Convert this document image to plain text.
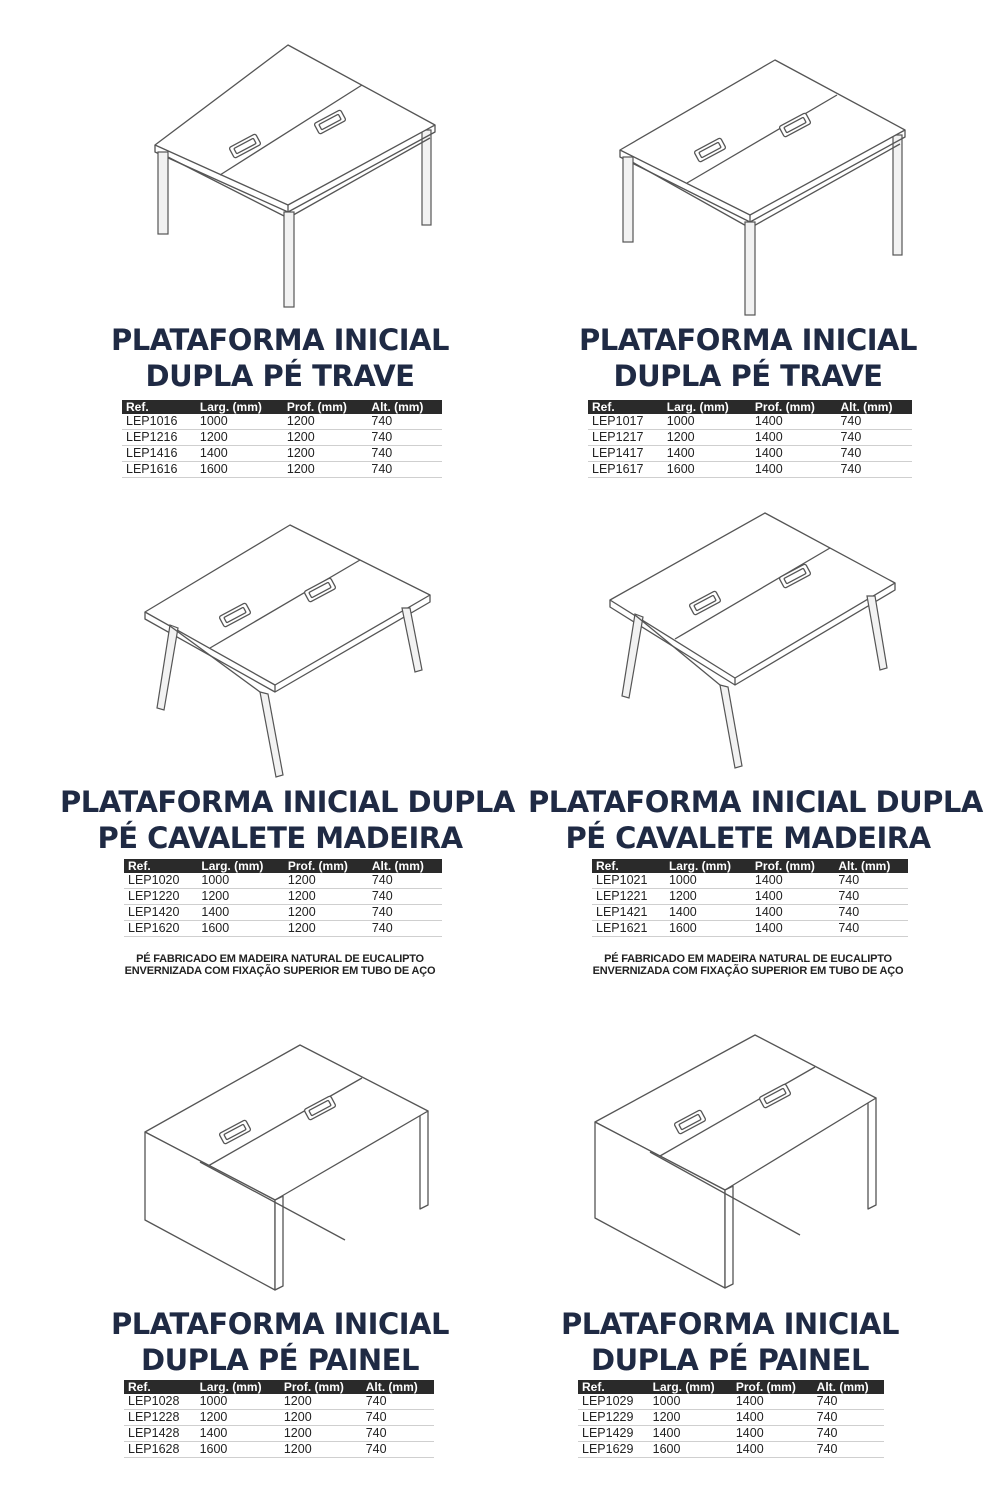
PLATAFORMA INICIAL
DUPLA PÉ TRAVE
Ref.	Larg. (mm)	Prof. (mm)	Alt. (mm)
LEP1016	1000	1200	740
LEP1216	1200	1200	740
LEP1416	1400	1200	740
LEP1616	1600	1200	740
PLATAFORMA INICIAL
DUPLA PÉ TRAVE
Ref.	Larg. (mm)	Prof. (mm)	Alt. (mm)
LEP1017	1000	1400	740
LEP1217	1200	1400	740
LEP1417	1400	1400	740
LEP1617	1600	1400	740
PLATAFORMA INICIAL DUPLA
PÉ CAVALETE MADEIRA
Ref.	Larg. (mm)	Prof. (mm)	Alt. (mm)
LEP1020	1000	1200	740
LEP1220	1200	1200	740
LEP1420	1400	1200	740
LEP1620	1600	1200	740
PÉ FABRICADO EM MADEIRA NATURAL DE EUCALIPTO
ENVERNIZADA COM FIXAÇÃO SUPERIOR EM TUBO DE AÇO
PLATAFORMA INICIAL DUPLA
PÉ CAVALETE MADEIRA
Ref.	Larg. (mm)	Prof. (mm)	Alt. (mm)
LEP1021	1000	1400	740
LEP1221	1200	1400	740
LEP1421	1400	1400	740
LEP1621	1600	1400	740
PÉ FABRICADO EM MADEIRA NATURAL DE EUCALIPTO
ENVERNIZADA COM FIXAÇÃO SUPERIOR EM TUBO DE AÇO
PLATAFORMA INICIAL
DUPLA PÉ PAINEL
Ref.	Larg. (mm)	Prof. (mm)	Alt. (mm)
LEP1028	1000	1200	740
LEP1228	1200	1200	740
LEP1428	1400	1200	740
LEP1628	1600	1200	740
PLATAFORMA INICIAL
DUPLA PÉ PAINEL
Ref.	Larg. (mm)	Prof. (mm)	Alt. (mm)
LEP1029	1000	1400	740
LEP1229	1200	1400	740
LEP1429	1400	1400	740
LEP1629	1600	1400	740
